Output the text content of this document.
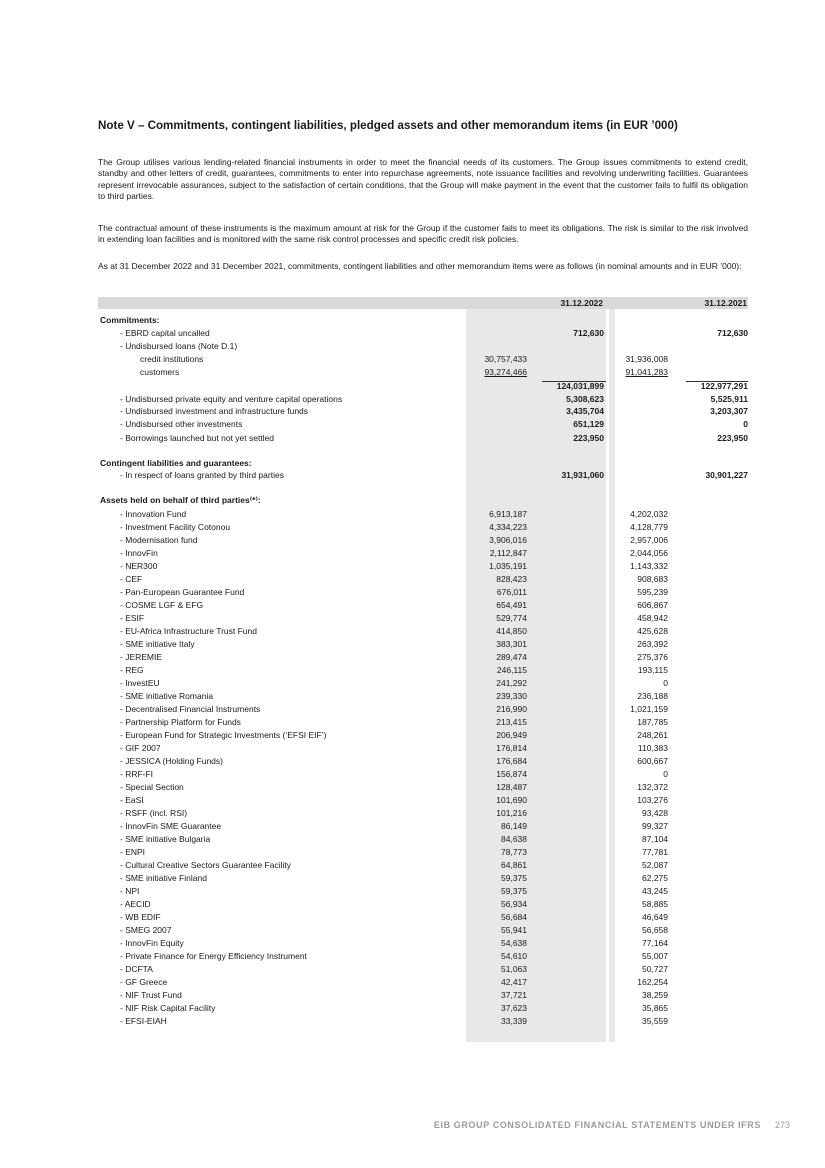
Note V – Commitments, contingent liabilities, pledged assets and other memorandum items (in EUR ’000)

The Group utilises various lending-related financial instruments in order to meet the financial needs of its customers. The Group issues commitments to extend credit, standby and other letters of credit, guarantees, commitments to enter into repurchase agreements, note issuance facilities and revolving underwriting facilities. Guarantees represent irrevocable assurances, subject to the satisfaction of certain conditions, that the Group will make payment in the event that the customer fails to fulfil its obligation to third parties.

The contractual amount of these instruments is the maximum amount at risk for the Group if the customer fails to meet its obligations. The risk is similar to the risk involved in extending loan facilities and is monitored with the same risk control processes and specific credit risk policies.

As at 31 December 2022 and 31 December 2021, commitments, contingent liabilities and other memorandum items were as follows (in nominal amounts and in EUR ’000):

31.12.2022	31.12.2021
Commitments:
- EBRD capital uncalled	712,630	712,630
- Undisbursed loans (Note D.1)
credit institutions	30,757,433	31,936,008
customers	93,274,466	91,041,283
124,031,899	122,977,291
- Undisbursed private equity and venture capital operations	5,308,623	5,525,911
- Undisbursed investment and infrastructure funds	3,435,704	3,203,307
- Undisbursed other investments	651,129	0
- Borrowings launched but not yet settled	223,950	223,950
Contingent liabilities and guarantees:
- In respect of loans granted by third parties	31,931,060	30,901,227
Assets held on behalf of third parties⁽*⁾:
- Innovation Fund	6,913,187	4,202,032
- Investment Facility Cotonou	4,334,223	4,128,779
- Modernisation fund	3,906,016	2,957,006
- InnovFin	2,112,847	2,044,056
- NER300	1,035,191	1,143,332
- CEF	828,423	908,683
- Pan-European Guarantee Fund	676,011	595,239
- COSME LGF & EFG	654,491	606,867
- ESIF	529,774	458,942
- EU-Africa Infrastructure Trust Fund	414,850	425,628
- SME initiative Italy	383,301	263,392
- JEREMIE	289,474	275,376
- REG	246,115	193,115
- InvestEU	241,292	0
- SME initiative Romania	239,330	236,188
- Decentralised Financial Instruments	216,990	1,021,159
- Partnership Platform for Funds	213,415	187,785
- European Fund for Strategic Investments (‘EFSI EIF’)	206,949	248,261
- GIF 2007	176,814	110,383
- JESSICA (Holding Funds)	176,684	600,667
- RRF-FI	156,874	0
- Special Section	128,487	132,372
- EaSI	101,690	103,276
- RSFF (incl. RSI)	101,216	93,428
- InnovFin SME Guarantee	86,149	99,327
- SME initiative Bulgaria	84,638	87,104
- ENPI	78,773	77,781
- Cultural Creative Sectors Guarantee Facility	64,861	52,087
- SME initiative Finland	59,375	62,275
- NPI	59,375	43,245
- AECID	56,934	58,885
- WB EDIF	56,684	46,649
- SMEG 2007	55,941	56,658
- InnovFin Equity	54,638	77,164
- Private Finance for Energy Efficiency Instrument	54,610	55,007
- DCFTA	51,063	50,727
- GF Greece	42,417	162,254
- NIF Trust Fund	37,721	38,259
- NIF Risk Capital Facility	37,623	35,865
- EFSI-EIAH	33,339	35,559
EIB GROUP CONSOLIDATED FINANCIAL STATEMENTS UNDER IFRS 273
